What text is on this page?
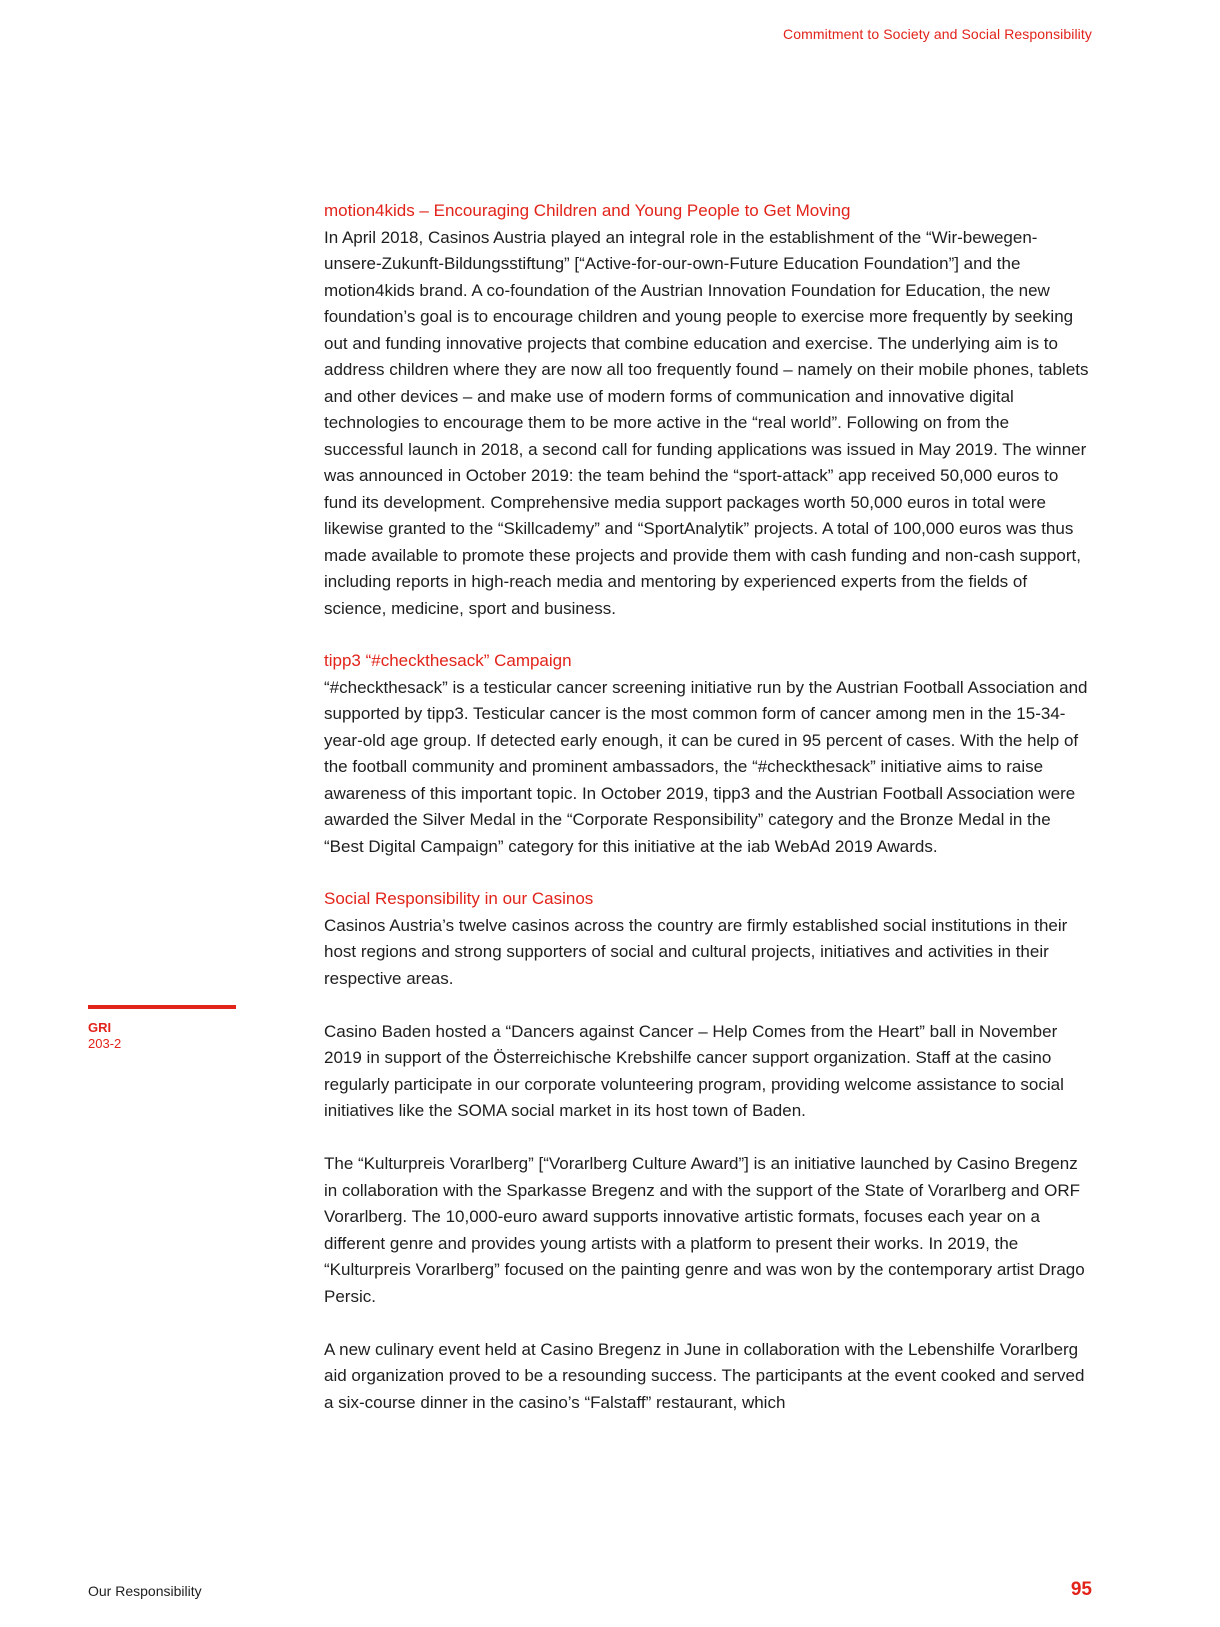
Commitment to Society and Social Responsibility
GRI
203-2
motion4kids – Encouraging Children and Young People to Get Moving

In April 2018, Casinos Austria played an integral role in the establishment of the “Wir-bewegen-unsere-Zukunft-Bildungsstiftung” [“Active-for-our-own-Future Education Foundation”] and the motion4kids brand. A co-foundation of the Austrian Innovation Foundation for Education, the new foundation’s goal is to encourage children and young people to exercise more frequently by seeking out and funding innovative projects that combine education and exercise. The underlying aim is to address children where they are now all too frequently found – namely on their mobile phones, tablets and other devices – and make use of modern forms of communication and innovative digital technologies to encourage them to be more active in the “real world”. Following on from the successful launch in 2018, a second call for funding applications was issued in May 2019. The winner was announced in October 2019: the team behind the “sport-attack” app received 50,000 euros to fund its development. Comprehensive media support packages worth 50,000 euros in total were likewise granted to the “Skillcademy” and “SportAnalytik” projects. A total of 100,000 euros was thus made available to promote these projects and provide them with cash funding and non-cash support, including reports in high-reach media and mentoring by experienced experts from the fields of science, medicine, sport and business.

tipp3 “#checkthesack” Campaign

“#checkthesack” is a testicular cancer screening initiative run by the Austrian Football Association and supported by tipp3. Testicular cancer is the most common form of cancer among men in the 15-34-year-old age group. If detected early enough, it can be cured in 95 percent of cases. With the help of the football community and prominent ambassadors, the “#checkthesack” initiative aims to raise awareness of this important topic. In October 2019, tipp3 and the Austrian Football Association were awarded the Silver Medal in the “Corporate Responsibility” category and the Bronze Medal in the “Best Digital Campaign” category for this initiative at the iab WebAd 2019 Awards.

Social Responsibility in our Casinos

Casinos Austria’s twelve casinos across the country are firmly established social institutions in their host regions and strong supporters of social and cultural projects, initiatives and activities in their respective areas.

Casino Baden hosted a “Dancers against Cancer – Help Comes from the Heart” ball in November 2019 in support of the Österreichische Krebshilfe cancer support organization. Staff at the casino regularly participate in our corporate volunteering program, providing welcome assistance to social initiatives like the SOMA social market in its host town of Baden.

The “Kulturpreis Vorarlberg” [“Vorarlberg Culture Award”] is an initiative launched by Casino Bregenz in collaboration with the Sparkasse Bregenz and with the support of the State of Vorarlberg and ORF Vorarlberg. The 10,000-euro award supports innovative artistic formats, focuses each year on a different genre and provides young artists with a platform to present their works. In 2019, the “Kulturpreis Vorarlberg” focused on the painting genre and was won by the contemporary artist Drago Persic.

A new culinary event held at Casino Bregenz in June in collaboration with the Lebenshilfe Vorarlberg aid organization proved to be a resounding success. The participants at the event cooked and served a six-course dinner in the casino’s “Falstaff” restaurant, which

Our Responsibility	95
